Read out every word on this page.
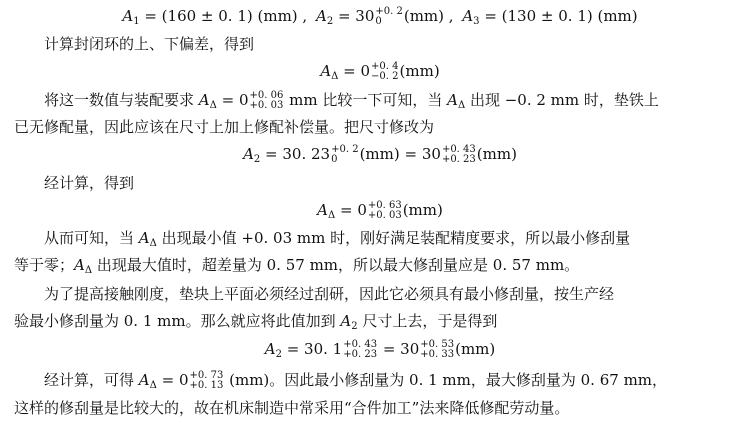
$A_1 = (160 \pm 0$. 1) (mm) , $A_2 = 30 +0$. 2
0	(mm) , $A_3 = (130 \pm 0$. 1) (mm)
计算封闭环的上、下偏差，得到
$A_\Delta = 0 +0$. 4
−0. 2 (mm)
将这一数值与装配要求 $A_\Delta = 0 +0$. 06
+0. 03 mm 比较一下可知，当 $A_\Delta$ 出现 −0. 2 mm 时，垫铁上
已无修配量，因此应该在尺寸上加上修配补偿量。把尺寸修改为
$A_2 = 30$. 23 +0. 2
0	(mm) = 30 +0. 43
+0. 23 (mm)
经计算，得到
$A_\Delta = 0 +0$. 63
+0. 03 (mm)
从而可知，当 $A_\Delta$ 出现最小值 +0. 03 mm 时，刚好满足装配精度要求，所以最小修刮量
等于零；$A_\Delta$ 出现最大值时，超差量为 0. 57 mm，所以最大修刮量应是 0. 57 mm。
为了提高接触刚度，垫块上平面必须经过刮研，因此它必须具有最小修刮量，按生产经
验最小修刮量为 0. 1 mm。那么就应将此值加到 $A_2$ 尺寸上去，于是得到
$A_2 = 30$. 1 +0. 43
+0. 23 = 30 +0. 53
+0. 33 (mm)
经计算，可得 $A_\Delta = 0 +0$. 73
+0. 13 (mm)。因此最小修刮量为 0. 1 mm，最大修刮量为 0. 67 mm，
这样的修刮量是比较大的，故在机床制造中常采用“合件加工”法来降低修配劳动量。
